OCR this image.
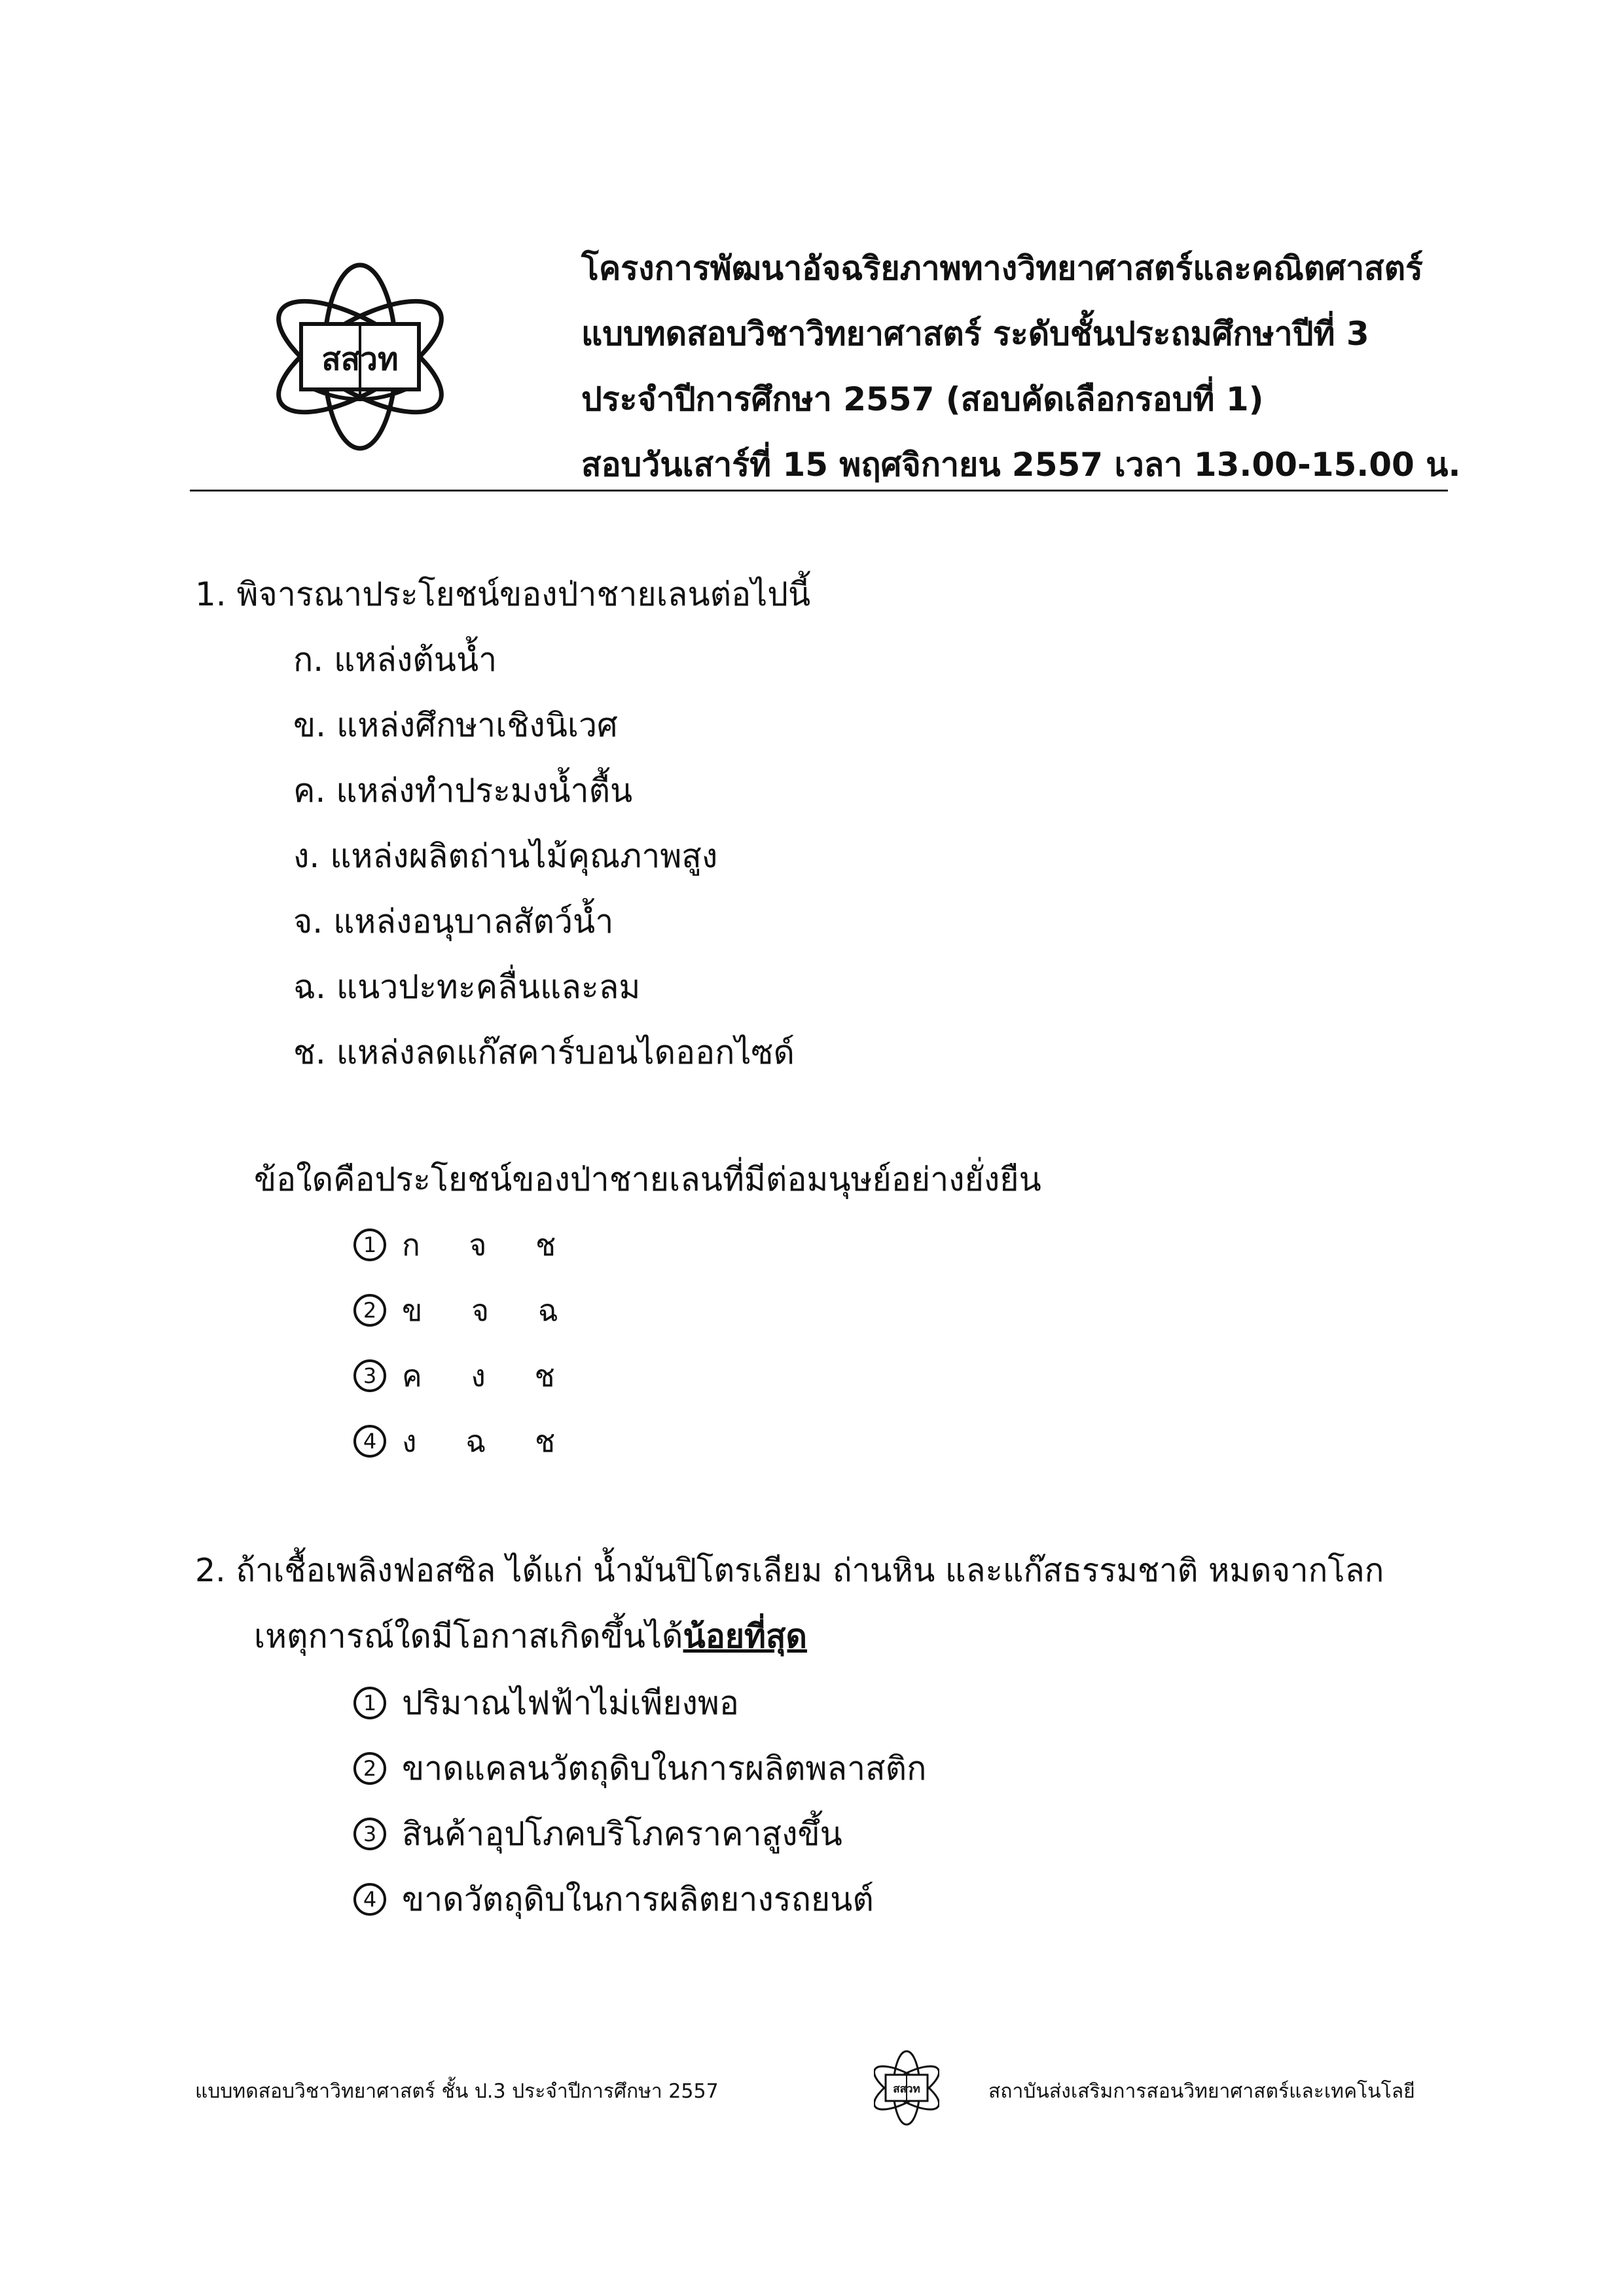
สสวท
โครงการพัฒนาอัจฉริยภาพทางวิทยาศาสตร์และคณิตศาสตร์
แบบทดสอบวิชาวิทยาศาสตร์ ระดับชั้นประถมศึกษาปีที่ 3
ประจำปีการศึกษา 2557 (สอบคัดเลือกรอบที่ 1)
สอบวันเสาร์ที่ 15 พฤศจิกายน 2557 เวลา 13.00-15.00 น.
1. พิจารณาประโยชน์ของป่าชายเลนต่อไปนี้
ก. แหล่งต้นน้ำ
ข. แหล่งศึกษาเชิงนิเวศ
ค. แหล่งทำประมงน้ำตื้น
ง. แหล่งผลิตถ่านไม้คุณภาพสูง
จ. แหล่งอนุบาลสัตว์น้ำ
ฉ. แนวปะทะคลื่นและลม
ช. แหล่งลดแก๊สคาร์บอนไดออกไซด์
ข้อใดคือประโยชน์ของป่าชายเลนที่มีต่อมนุษย์อย่างยั่งยืน
1 ก จ ช
2 ข จ ฉ
3 ค ง ช
4 ง ฉ ช
2. ถ้าเชื้อเพลิงฟอสซิล ได้แก่ น้ำมันปิโตรเลียม ถ่านหิน และแก๊สธรรมชาติ หมดจากโลก
เหตุการณ์ใดมีโอกาสเกิดขึ้นได้น้อยที่สุด
1 ปริมาณไฟฟ้าไม่เพียงพอ
2 ขาดแคลนวัตถุดิบในการผลิตพลาสติก
3 สินค้าอุปโภคบริโภคราคาสูงขึ้น
4 ขาดวัตถุดิบในการผลิตยางรถยนต์
แบบทดสอบวิชาวิทยาศาสตร์ ชั้น ป.3 ประจำปีการศึกษา 2557	สสวท	สถาบันส่งเสริมการสอนวิทยาศาสตร์และเทคโนโลยี
